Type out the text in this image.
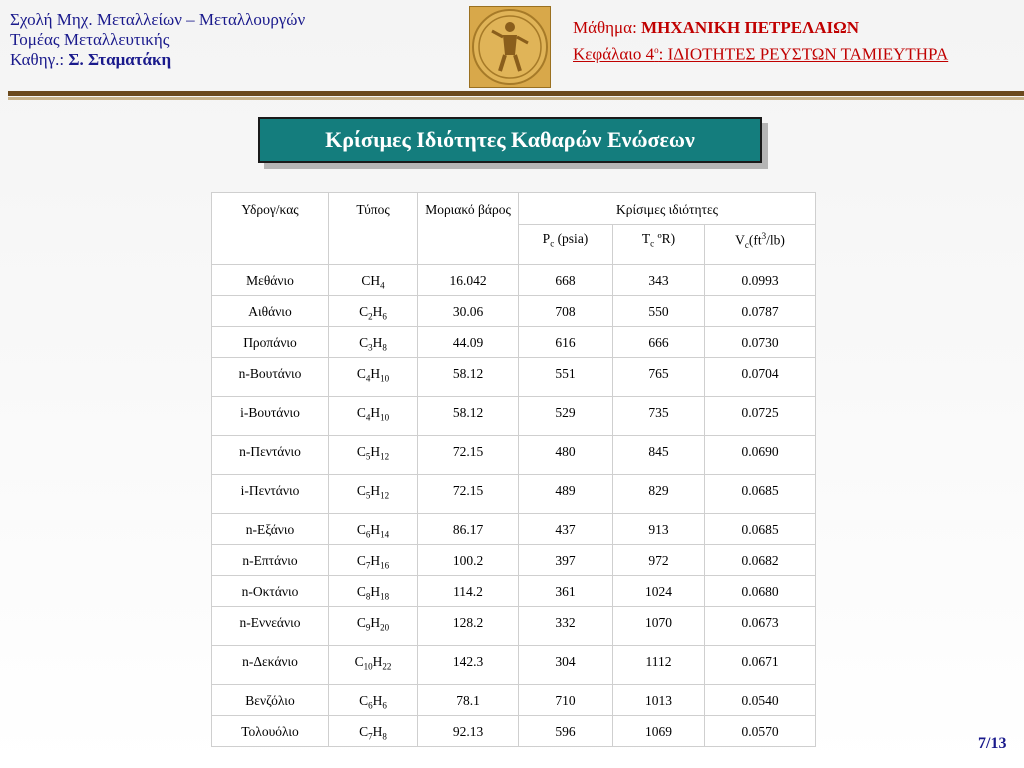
Σχολή Μηχ. Μεταλλείων – Μεταλλουργών
Τομέας Μεταλλευτικής
Καθηγ.: Σ. Σταματάκη
Μάθημα: ΜΗΧΑΝΙΚΗ ΠΕΤΡΕΛΑΙΩΝ
Κεφάλαιο $4^o$: ΙΔΙΟΤΗΤΕΣ ΡΕΥΣΤΩΝ ΤΑΜΙΕΥΤΗΡΑ
Κρίσιμες Ιδιότητες Καθαρών Ενώσεων
Υδρογ/κας	Τύπος	Μοριακό βάρος	Κρίσιμες ιδιότητες		
			$P_c$ (psia)	$T_c$ ºR)	$V_c(ft^3/lb)$
Μεθάνιο	$CH_4$	16.042	668	343	0.0993
Αιθάνιο	$C_2H_6$	30.06	708	550	0.0787
Προπάνιο	$C_3H_8$	44.09	616	666	0.0730
n-Βουτάνιο	$C_4H_{10}$	58.12	551	765	0.0704
i-Βουτάνιο	$C_4H_{10}$	58.12	529	735	0.0725
n-Πεντάνιο	$C_5H_{12}$	72.15	480	845	0.0690
i-Πεντάνιο	$C_5H_{12}$	72.15	489	829	0.0685
n-Εξάνιο	$C_6H_{14}$	86.17	437	913	0.0685
n-Επτάνιο	$C_7H_{16}$	100.2	397	972	0.0682
n-Οκτάνιο	$C_8H_{18}$	114.2	361	1024	0.0680
n-Εννεάνιο	$C_9H_{20}$	128.2	332	1070	0.0673
n-Δεκάνιο	$C_{10}H_{22}$	142.3	304	1112	0.0671
Βενζόλιο	$C_6H_6$	78.1	710	1013	0.0540
Τολουόλιο	$C_7H_8$	92.13	596	1069	0.0570
7/13
